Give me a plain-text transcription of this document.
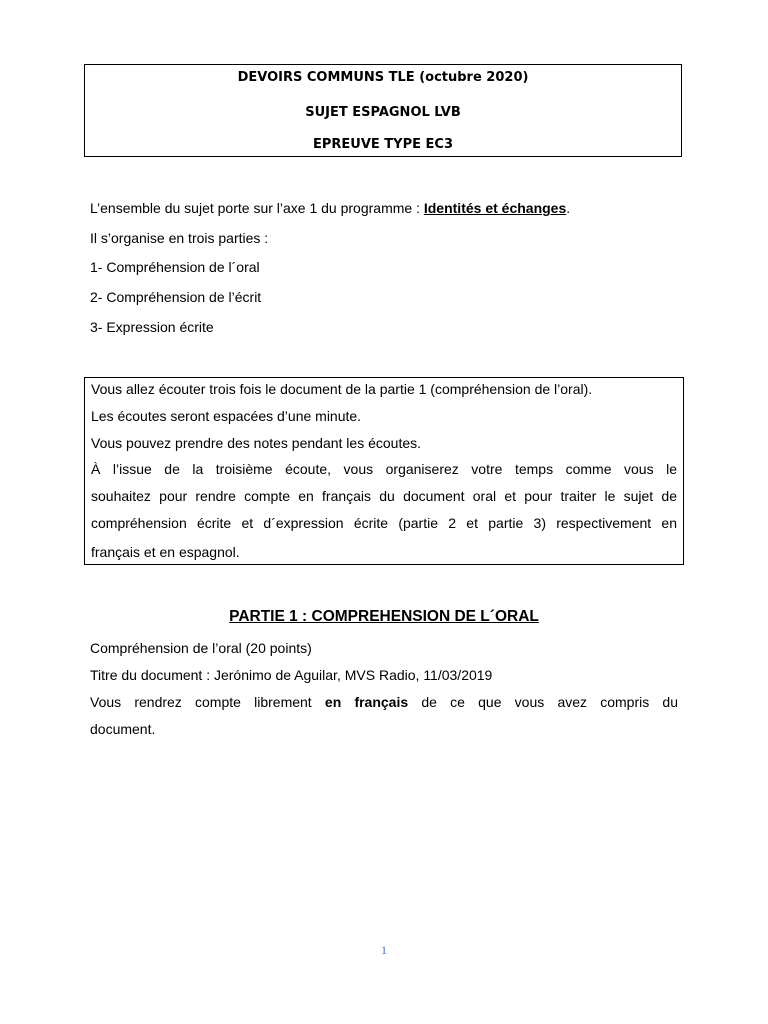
DEVOIRS COMMUNS TLE (octubre 2020)
SUJET ESPAGNOL LVB
EPREUVE TYPE EC3
L’ensemble du sujet porte sur l’axe 1 du programme : Identités et échanges.
Il s’organise en trois parties :
1- Compréhension de l´oral
2- Compréhension de l’écrit
3- Expression écrite
Vous allez écouter trois fois le document de la partie 1 (compréhension de l’oral).
Les écoutes seront espacées d’une minute.
Vous pouvez prendre des notes pendant les écoutes.
À l’issue de la troisième écoute, vous organiserez votre temps comme vous le
souhaitez pour rendre compte en français du document oral et pour traiter le sujet de
compréhension écrite et d´expression écrite (partie 2 et partie 3) respectivement en
français et en espagnol.
PARTIE 1 : COMPREHENSION DE L´ORAL
Compréhension de l’oral (20 points)
Titre du document : Jerónimo de Aguilar, MVS Radio, 11/03/2019
Vous rendrez compte librement en français de ce que vous avez compris du
document.
1
